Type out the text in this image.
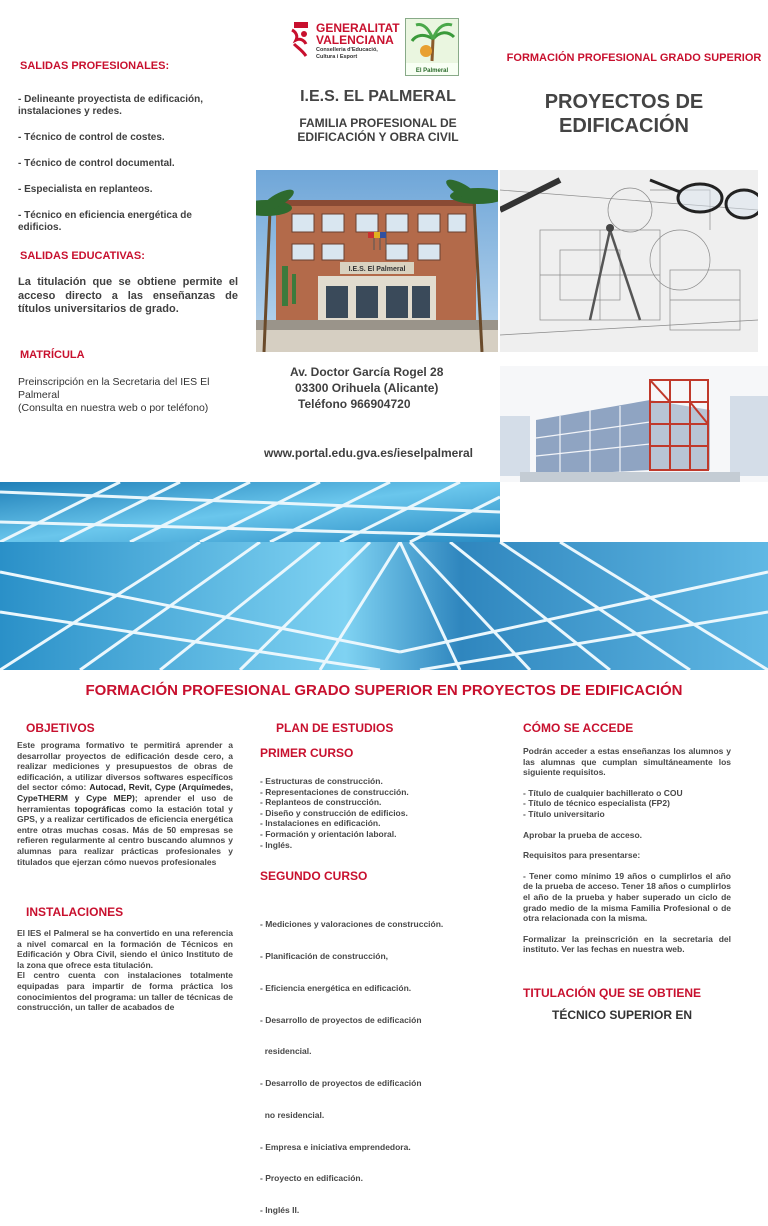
SALIDAS PROFESIONALES:
- Delineante proyectista de edificación, instalaciones y redes.
- Técnico de control de costes.
- Técnico de control documental.
- Especialista en replanteos.
- Técnico en eficiencia energética de edificios.
SALIDAS EDUCATIVAS:
La titulación que se obtiene permite el acceso directo a las enseñanzas de títulos universitarios de grado.
MATRÍCULA
Preinscripción en la Secretaria del IES El Palmeral
(Consulta en nuestra web o por teléfono)
GENERALITAT
VALENCIANA
Conselleria d'Educació,
Cultura i Esport
El Palmeral
I.E.S. EL PALMERAL
FAMILIA PROFESIONAL DE
EDIFICACIÓN Y OBRA CIVIL
I.E.S. El Palmeral
Av. Doctor García Rogel 28
03300 Orihuela (Alicante)
Teléfono 966904720
www.portal.edu.gva.es/ieselpalmeral
FORMACIÓN PROFESIONAL GRADO SUPERIOR
PROYECTOS DE
EDIFICACIÓN
FORMACIÓN PROFESIONAL GRADO SUPERIOR EN PROYECTOS DE EDIFICACIÓN
OBJETIVOS
Este programa formativo te permitirá aprender a desarrollar proyectos de edificación desde cero, a realizar mediciones y presupuestos de obras de edificación, a utilizar diversos softwares específicos del sector cómo: Autocad, Revit, Cype (Arquímedes, CypeTHERM y Cype MEP); aprender el uso de herramientas topográficas como la estación total y GPS, y a realizar certificados de eficiencia energética entre otras muchas cosas. Más de 50 empresas se refieren regularmente al centro buscando alumnos y alumnas para realizar prácticas profesionales y titulados que ejerzan cómo nuevos profesionales
INSTALACIONES
El IES el Palmeral se ha convertido en una referencia a nivel comarcal en la formación de Técnicos en Edificación y Obra Civil, siendo el único Instituto de la zona que ofrece esta titulación.
El centro cuenta con instalaciones totalmente equipadas para impartir de forma práctica los conocimientos del programa: un taller de técnicas de construcción, un taller de acabados de
PLAN DE ESTUDIOS
PRIMER CURSO
- Estructuras de construcción.
- Representaciones de construcción.
- Replanteos de construcción.
- Diseño y construcción de edificios.
- Instalaciones en edificación.
- Formación y orientación laboral.
- Inglés.
SEGUNDO CURSO

- Mediciones y valoraciones de construcción.

- Planificación de construcción,

- Eficiencia energética en edificación.

- Desarrollo de proyectos de edificación

residencial.

- Desarrollo de proyectos de edificación

no residencial.

- Empresa e iniciativa emprendedora.

- Proyecto en edificación.

- Inglés II.

CÓMO SE ACCEDE
Podrán acceder a estas enseñanzas los alumnos y las alumnas que cumplan simultáneamente los siguiente requisitos.
- Título de cualquier bachillerato o COU
- Título de técnico especialista (FP2)
- Título universitario
Aprobar la prueba de acceso.
Requisitos para presentarse:
- Tener como mínimo 19 años o cumplirlos el año de la prueba de acceso. Tener 18 años o cumplirlos el año de la prueba y haber superado un ciclo de grado medio de la misma Familia Profesional o de otra relacionada con la misma.
Formalizar la preinscrición en la secretaria del instituto. Ver las fechas en nuestra web.
TITULACIÓN QUE SE OBTIENE
TÉCNICO SUPERIOR EN
